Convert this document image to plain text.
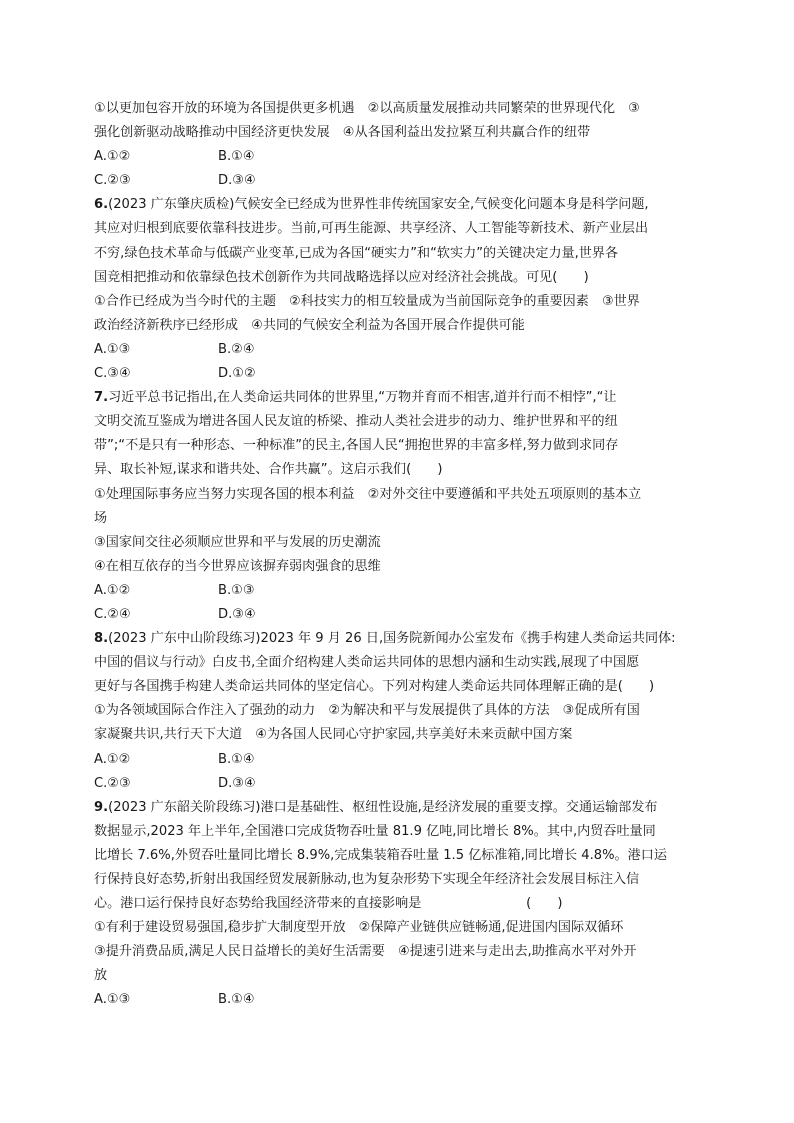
①以更加包容开放的环境为各国提供更多机遇　②以高质量发展推动共同繁荣的世界现代化　③
强化创新驱动战略推动中国经济更快发展　④从各国利益出发拉紧互利共赢合作的纽带
A.①②	B.①④
C.②③	D.③④
6.(2023 广东肇庆质检)气候安全已经成为世界性非传统国家安全,气候变化问题本身是科学问题,
其应对归根到底要依靠科技进步。当前,可再生能源、共享经济、人工智能等新技术、新产业层出
不穷,绿色技术革命与低碳产业变革,已成为各国“硬实力”和“软实力”的关键决定力量,世界各
国竞相把推动和依靠绿色技术创新作为共同战略选择以应对经济社会挑战。可见(　　)
①合作已经成为当今时代的主题　②科技实力的相互较量成为当前国际竞争的重要因素　③世界
政治经济新秩序已经形成　④共同的气候安全利益为各国开展合作提供可能
A.①③	B.②④
C.③④	D.①②
7.习近平总书记指出,在人类命运共同体的世界里,“万物并育而不相害,道并行而不相悖”,“让
文明交流互鉴成为增进各国人民友谊的桥梁、推动人类社会进步的动力、维护世界和平的纽
带”;“不是只有一种形态、一种标准”的民主,各国人民“拥抱世界的丰富多样,努力做到求同存
异、取长补短,谋求和谐共处、合作共赢”。这启示我们(　　)
①处理国际事务应当努力实现各国的根本利益　②对外交往中要遵循和平共处五项原则的基本立
场
③国家间交往必须顺应世界和平与发展的历史潮流
④在相互依存的当今世界应该摒弃弱肉强食的思维
A.①②	B.①③
C.②④	D.③④
8.(2023 广东中山阶段练习)2023 年 9 月 26 日,国务院新闻办公室发布《携手构建人类命运共同体:
中国的倡议与行动》白皮书,全面介绍构建人类命运共同体的思想内涵和生动实践,展现了中国愿
更好与各国携手构建人类命运共同体的坚定信心。下列对构建人类命运共同体理解正确的是(　　)
①为各领域国际合作注入了强劲的动力　②为解决和平与发展提供了具体的方法　③促成所有国
家凝聚共识,共行天下大道　④为各国人民同心守护家园,共享美好未来贡献中国方案
A.①②	B.①④
C.②③	D.③④
9.(2023 广东韶关阶段练习)港口是基础性、枢纽性设施,是经济发展的重要支撑。交通运输部发布
数据显示,2023 年上半年,全国港口完成货物吞吐量 81.9 亿吨,同比增长 8%。其中,内贸吞吐量同
比增长 7.6%,外贸吞吐量同比增长 8.9%,完成集装箱吞吐量 1.5 亿标准箱,同比增长 4.8%。港口运
行保持良好态势,折射出我国经贸发展新脉动,也为复杂形势下实现全年经济社会发展目标注入信
心。港口运行保持良好态势给我国经济带来的直接影响是　　　　　　　　(　　)
①有利于建设贸易强国,稳步扩大制度型开放　②保障产业链供应链畅通,促进国内国际双循环
③提升消费品质,满足人民日益增长的美好生活需要　④提速引进来与走出去,助推高水平对外开
放
A.①③	B.①④
